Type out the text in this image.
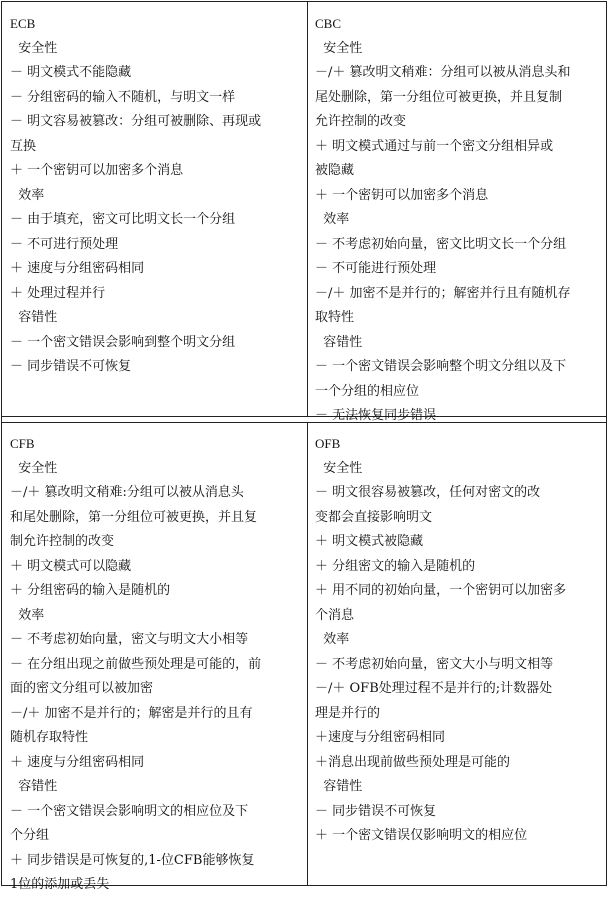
ECB
安全性
－ 明文模式不能隐藏
－ 分组密码的输入不随机，与明文一样
－ 明文容易被篡改：分组可被删除、再现或
互换
＋ 一个密钥可以加密多个消息
效率
－ 由于填充，密文可比明文长一个分组
－ 不可进行预处理
＋ 速度与分组密码相同
＋ 处理过程并行
容错性
－ 一个密文错误会影响到整个明文分组
－ 同步错误不可恢复
CBC
安全性
－/＋ 篡改明文稍难：分组可以被从消息头和
尾处删除，第一分组位可被更换，并且复制
允许控制的改变
＋ 明文模式通过与前一个密文分组相异或
被隐藏
＋ 一个密钥可以加密多个消息
效率
－ 不考虑初始向量，密文比明文长一个分组
－ 不可能进行预处理
－/＋ 加密不是并行的；解密并行且有随机存
取特性
容错性
－ 一个密文错误会影响整个明文分组以及下
一个分组的相应位
－ 无法恢复同步错误
CFB
安全性
－/＋ 篡改明文稍难:分组可以被从消息头
和尾处删除，第一分组位可被更换，并且复
制允许控制的改变
＋ 明文模式可以隐藏
＋ 分组密码的输入是随机的
效率
－ 不考虑初始向量，密文与明文大小相等
－ 在分组出现之前做些预处理是可能的，前
面的密文分组可以被加密
－/＋ 加密不是并行的；解密是并行的且有
随机存取特性
＋ 速度与分组密码相同
容错性
－ 一个密文错误会影响明文的相应位及下
个分组
＋ 同步错误是可恢复的,1-位CFB能够恢复
1位的添加或丢失
OFB
安全性
－ 明文很容易被篡改，任何对密文的改
变都会直接影响明文
＋ 明文模式被隐藏
＋ 分组密文的输入是随机的
＋ 用不同的初始向量，一个密钥可以加密多
个消息
效率
－ 不考虑初始向量，密文大小与明文相等
－/＋ OFB处理过程不是并行的;计数器处
理是并行的
＋速度与分组密码相同
＋消息出现前做些预处理是可能的
容错性
－ 同步错误不可恢复
＋ 一个密文错误仅影响明文的相应位
